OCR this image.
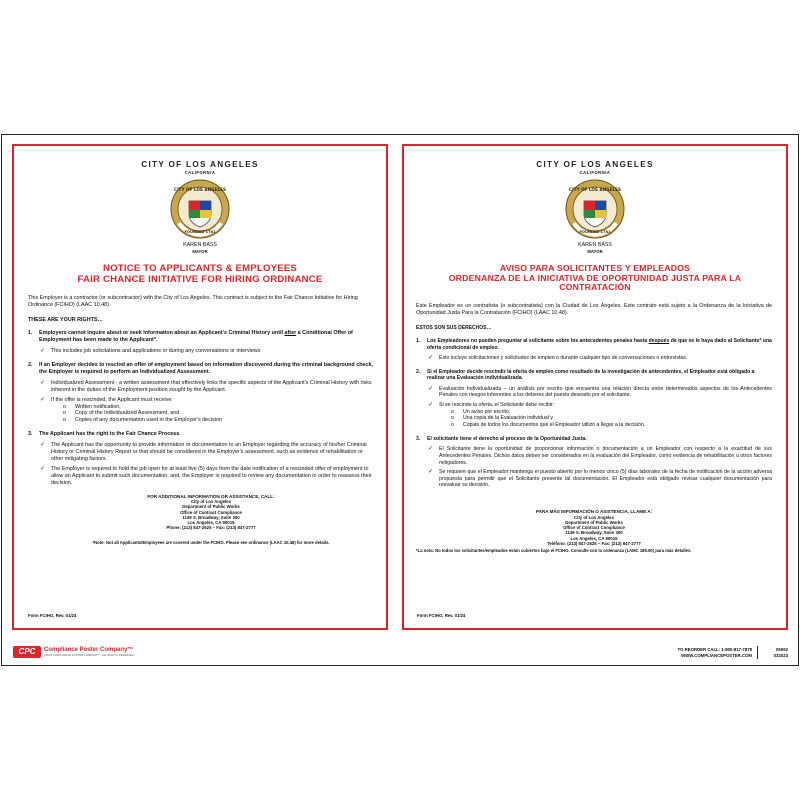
CITY OF LOS ANGELES
CALIFORNIA
CITY OF LOS ANGELES
FOUNDED 1781
KAREN BASS
MAYOR
NOTICE TO APPLICANTS & EMPLOYEES
FAIR CHANCE INITIATIVE FOR HIRING ORDINANCE
This Employer is a contractor (or subcontractor) with the City of Los Angeles. This contract is subject to the Fair Chance Initiative for Hiring Ordinance (FCIHO) (LAAC 10.48).
THESE ARE YOUR RIGHTS…
1.	Employers cannot inquire about or seek information about an Applicant's Criminal History until after a Conditional Offer of Employment has been made to the Applicant*.
✓	This includes job solicitations and applications or during any conversations or interviews
2.	If an Employer decides to rescind an offer of employment based on information discovered during the criminal background check, the Employer is required to perform an Individualized Assessment.
✓	Individualized Assessment - a written assessment that effectively links the specific aspects of the Applicant's Criminal History with risks inherent in the duties of the Employment position sought by the Applicant.
✓	If the offer is rescinded, the Applicant must receive:
o	Written notification,
o	Copy of the Individualized Assessment, and
o	Copies of any documentation used in the Employer's decision
3.	The Applicant has the right to the Fair Chance Process.
✓	The Applicant has the opportunity to provide information or documentation to an Employer regarding the accuracy of his/her Criminal History or Criminal History Report or that should be considered in the Employer's assessment, such as evidence of rehabilitation or other mitigating factors.
✓	The Employer is required to hold the job open for at least five (5) days from the date notification of a rescinded offer of employment to allow an Applicant to submit such documentation, and, the Employer is required to review any documentation in order to reassess their decision.
FOR ADDITIONAL INFORMATION OR ASSISTANCE, CALL:
City of Los Angeles
Department of Public Works
Office of Contract Compliance
1149 S. Broadway, Suite 300
Los Angeles, CA 90015
Phone: (213) 847-2625 – Fax: (213) 847-2777
*Note: Not all Applicants/Employees are covered under the FCIHO. Please see ordinance (LAAC 10.48) for more details.
Form FCIHO, Rev. 01/24
CITY OF LOS ANGELES
CALIFORNIA
CITY OF LOS ANGELES
FOUNDED 1781
KAREN BASS
MAYOR
AVISO PARA SOLICITANTES Y EMPLEADOS
ORDENANZA DE LA INICIATIVA DE OPORTUNIDAD JUSTA PARA LA
CONTRATACIÓN
Este Empleador es un contratista (o subcontratista) con la Ciudad de Los Ángeles. Este contrato está sujeto a la Ordenanza de la Iniciativa de Oportunidad Justa Para la Contratación (FCIHO) (LAAC 10.48).
ESTOS SON SUS DERECHOS…
1.	Los Empleadores no pueden preguntar al solicitante sobre los antecedentes penales hasta después de que se le haya dado al Solicitante* una oferta condicional de empleo.
✓	Esto incluye solicitaciones y solicitudes de empleo o durante cualquier tipo de conversaciones o entrevistas.
2.	Si el Empleador decide rescindir la oferta de empleo como resultado de la investigación de antecedentes, el Empleador está obligado a realizar una Evaluación individualizada.
✓	Evaluación Individualizada – un análisis por escrito que encuentra una relación directa entre determinados aspectos de los Antecedentes Penales con riesgos inherentes a los deberes del puesto deseado por el solicitante.
✓	Si se rescinde la oferta, el Solicitante debe recibir:
o	Un aviso por escrito,
o	Una copia de la Evaluación individual y
o	Copias de todos los documentos que el Empleador utilizó a llegar a la decisión.
3.	El solicitante tiene el derecho al proceso de la Oportunidad Justa.
✓	El Solicitante tiene la oportunidad de proporcionar información o documentación a un Empleador con respecto a la exactitud de sus Antecedentes Penales. Dichos datos deben ser considerados en la evaluación del Empleador, como evidencia de rehabilitación u otros factores mitigadores.
✓	Se requiere que el Empleador mantenga el puesto abierto por lo menos cinco (5) días laborales de la fecha de notificación de la acción adversa propuesta para permitir que el Solicitante presente tal documentación. El Empleador está obligado revisar cualquier documentación para reevaluar su decisión.
PARA MÁS INFORMACIÓN O ASISTENCIA, LLAME A:
City of Los Angeles
Department of Public Works
Office of Contract Compliance
1149 S. Broadway, Suite 300
Los Angeles, CA 90015
Teléfono: (213) 847-2625 – Fax: (213) 847-2777
*La nota: No todos los solicitantes/empleados están cubiertos bajo el FCIHO. Consulte con la ordenanza (LAMC 189.00) para más detalles.
Form FCIHO, Rev. 01/24
CPC	Compliance Poster Company™
©2024 COMPLIANCE POSTER COMPANY™. ALL RIGHTS RESERVED.
TO REORDER CALL: 1-800-817-7878
WWW.COMPLIANCEPOSTER.COM
05062
032024
